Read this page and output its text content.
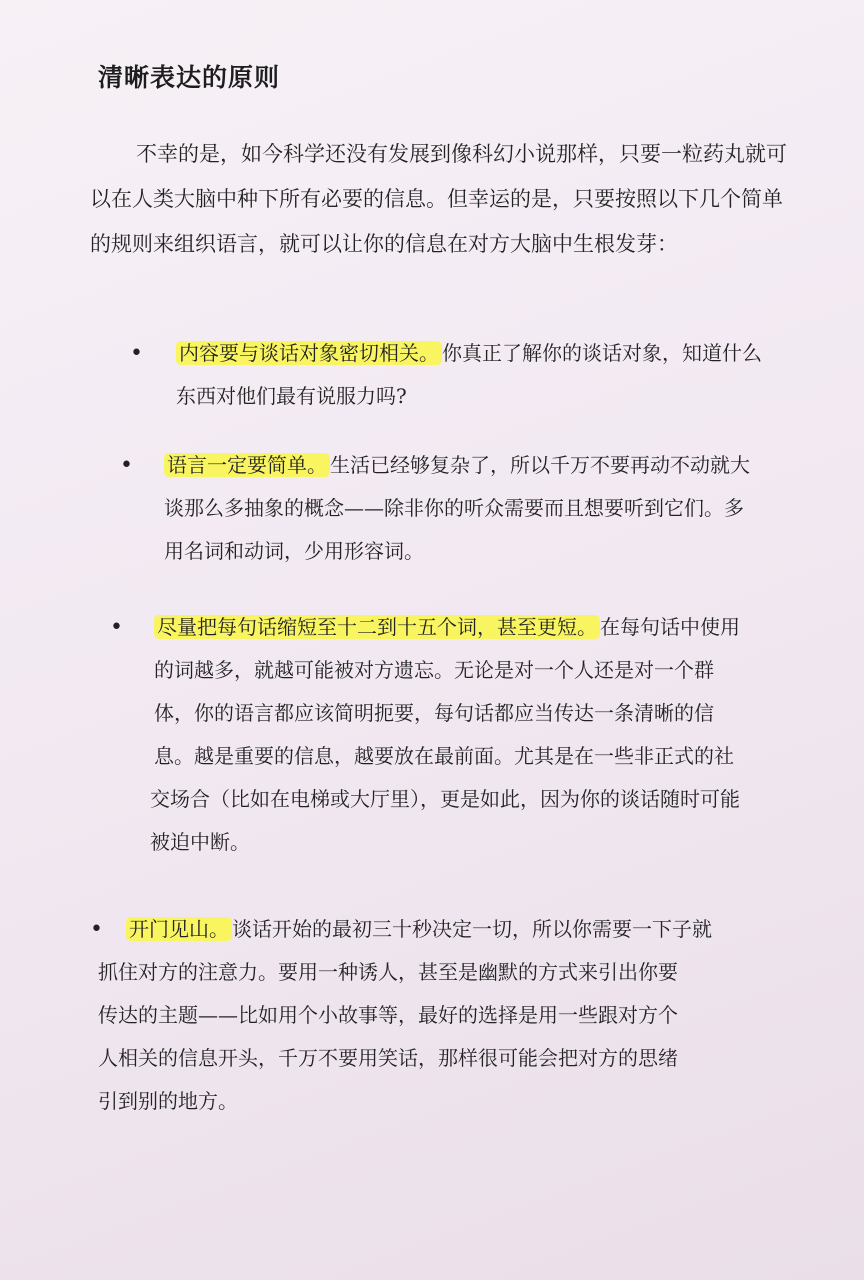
清晰表达的原则

不幸的是，如今科学还没有发展到像科幻小说那样，只要一粒药丸就可

以在人类大脑中种下所有必要的信息。但幸运的是，只要按照以下几个简单

的规则来组织语言，就可以让你的信息在对方大脑中生根发芽：

• 内容要与谈话对象密切相关。 你真正了解你的谈话对象，知道什么
东西对他们最有说服力吗?
• 语言一定要简单。 生活已经够复杂了，所以千万不要再动不动就大
谈那么多抽象的概念——除非你的听众需要而且想要听到它们。多
用名词和动词，少用形容词。
• 尽量把每句话缩短至十二到十五个词，甚至更短。 在每句话中使用
的词越多，就越可能被对方遗忘。无论是对一个人还是对一个群
体，你的语言都应该简明扼要，每句话都应当传达一条清晰的信
息。越是重要的信息，越要放在最前面。尤其是在一些非正式的社
交场合（比如在电梯或大厅里），更是如此，因为你的谈话随时可能
被迫中断。
• 开门见山。 谈话开始的最初三十秒决定一切，所以你需要一下子就
抓住对方的注意力。要用一种诱人，甚至是幽默的方式来引出你要
传达的主题——比如用个小故事等，最好的选择是用一些跟对方个
人相关的信息开头，千万不要用笑话，那样很可能会把对方的思绪
引到别的地方。
